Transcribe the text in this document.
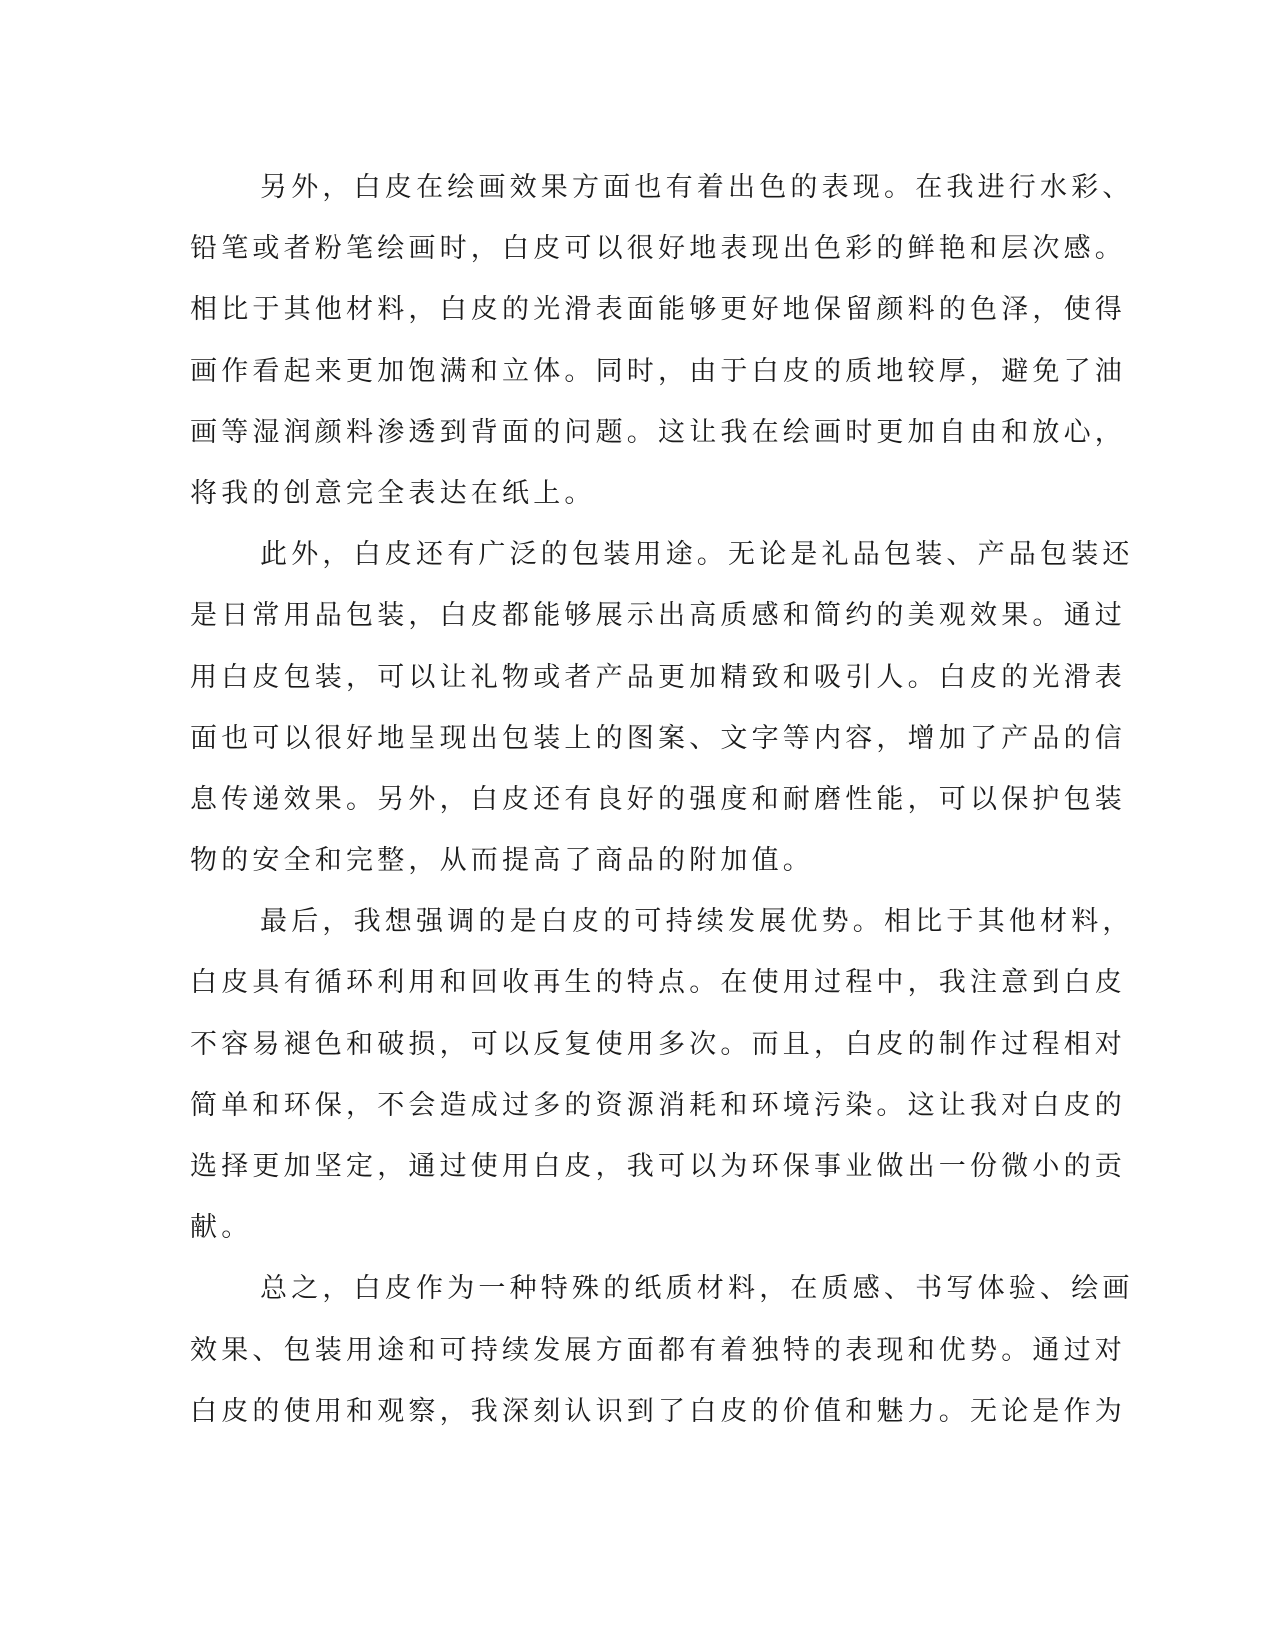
另外，白皮在绘画效果方面也有着出色的表现。在我进行水彩、
铅笔或者粉笔绘画时，白皮可以很好地表现出色彩的鲜艳和层次感。
相比于其他材料，白皮的光滑表面能够更好地保留颜料的色泽，使得
画作看起来更加饱满和立体。同时，由于白皮的质地较厚，避免了油
画等湿润颜料渗透到背面的问题。这让我在绘画时更加自由和放心，
将我的创意完全表达在纸上。
此外，白皮还有广泛的包装用途。无论是礼品包装、产品包装还
是日常用品包装，白皮都能够展示出高质感和简约的美观效果。通过
用白皮包装，可以让礼物或者产品更加精致和吸引人。白皮的光滑表
面也可以很好地呈现出包装上的图案、文字等内容，增加了产品的信
息传递效果。另外，白皮还有良好的强度和耐磨性能，可以保护包装
物的安全和完整，从而提高了商品的附加值。
最后，我想强调的是白皮的可持续发展优势。相比于其他材料，
白皮具有循环利用和回收再生的特点。在使用过程中，我注意到白皮
不容易褪色和破损，可以反复使用多次。而且，白皮的制作过程相对
简单和环保，不会造成过多的资源消耗和环境污染。这让我对白皮的
选择更加坚定，通过使用白皮，我可以为环保事业做出一份微小的贡
献。
总之，白皮作为一种特殊的纸质材料，在质感、书写体验、绘画
效果、包装用途和可持续发展方面都有着独特的表现和优势。通过对
白皮的使用和观察，我深刻认识到了白皮的价值和魅力。无论是作为
